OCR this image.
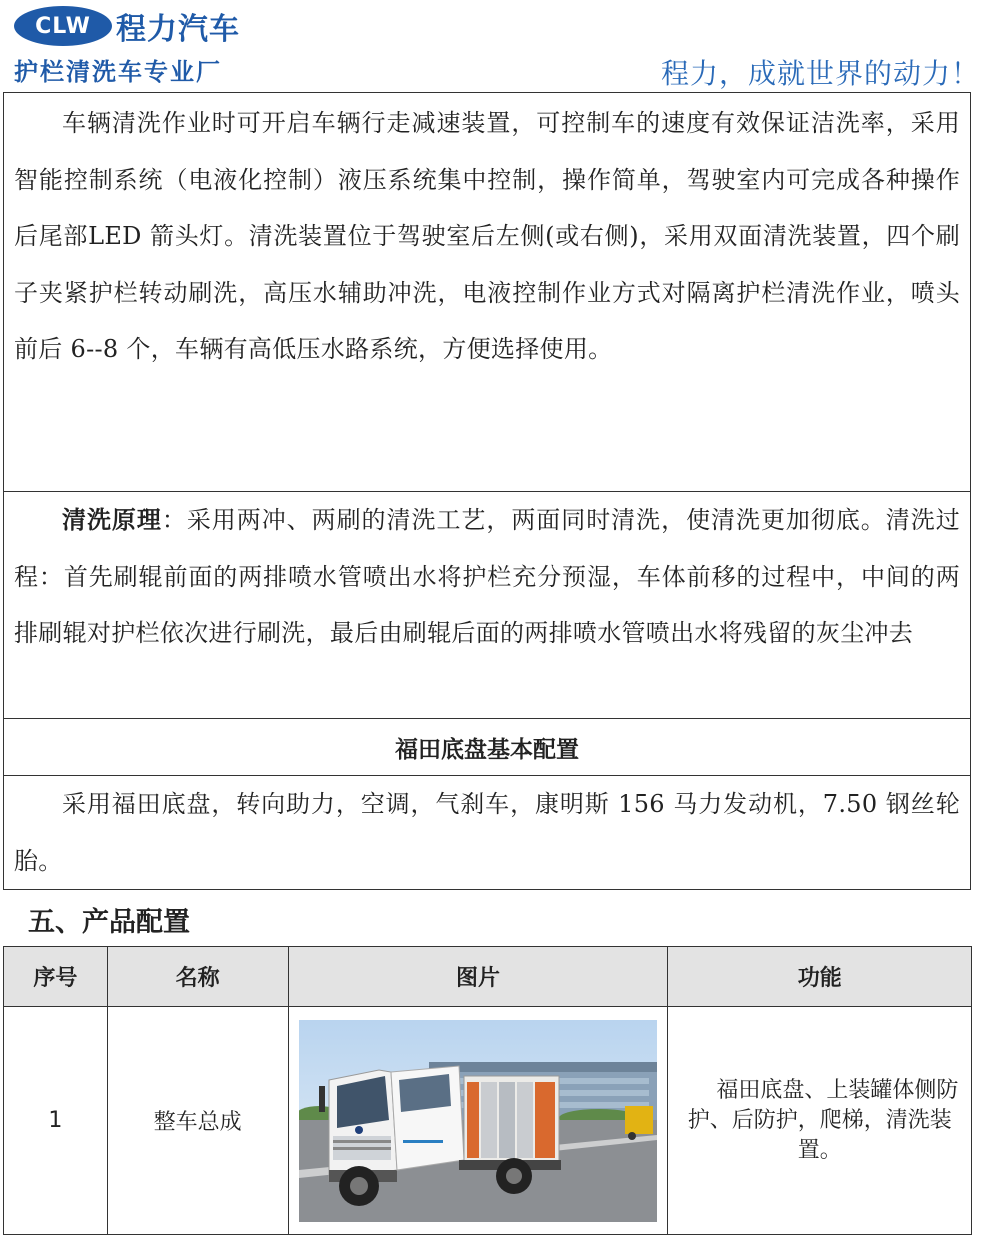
CLW 程力汽车
护栏清洗车专业厂	程力，成就世界的动力！

车辆清洗作业时可开启车辆行走减速装置，可控制车的速度有效保证洁洗率，采用智能控制系统（电液化控制）液压系统集中控制，操作简单，驾驶室内可完成各种操作后尾部LED 箭头灯。清洗装置位于驾驶室后左侧(或右侧)，采用双面清洗装置，四个刷子夹紧护栏转动刷洗，高压水辅助冲洗，电液控制作业方式对隔离护栏清洗作业，喷头前后 6--8 个，车辆有高低压水路系统，方便选择使用。

清洗原理：采用两冲、两刷的清洗工艺，两面同时清洗，使清洗更加彻底。清洗过程：首先刷辊前面的两排喷水管喷出水将护栏充分预湿，车体前移的过程中，中间的两排刷辊对护栏依次进行刷洗，最后由刷辊后面的两排喷水管喷出水将残留的灰尘冲去

福田底盘基本配置

采用福田底盘，转向助力，空调，气刹车，康明斯 156 马力发动机，7.50 钢丝轮胎。

五、产品配置
序号	名称	图片	功能
1	整车总成		福田底盘、上装罐体侧防护、后防护，爬梯，清洗装置。
